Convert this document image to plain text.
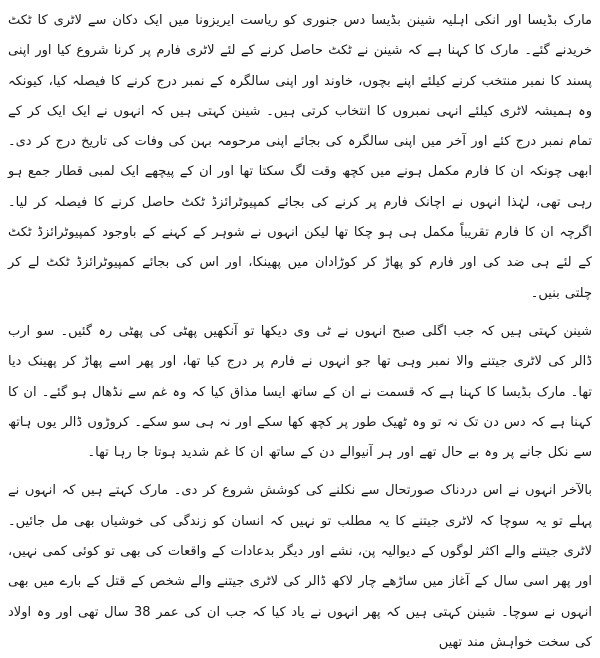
مارک بڈیسا اور انکی اہلیہ شینن بڈیسا دس جنوری کو ریاست ایریزونا میں ایک دکان سے لاٹری کا ٹکٹ خریدنے گئے۔ مارک کا کہنا ہے کہ شینن نے ٹکٹ حاصل کرنے کے لئے لاٹری فارم پر کرنا شروع کیا اور اپنی پسند کا نمبر منتخب کرنے کیلئے اپنے بچوں، خاوند اور اپنی سالگرہ کے نمبر درج کرنے کا فیصلہ کیا، کیونکہ وہ ہمیشہ لاٹری کیلئے انہی نمبروں کا انتخاب کرتی ہیں۔ شینن کہتی ہیں کہ انہوں نے ایک ایک کر کے تمام نمبر درج کئے اور آخر میں اپنی سالگرہ کی بجائے اپنی مرحومہ بہن کی وفات کی تاریخ درج کر دی۔ ابھی چونکہ ان کا فارم مکمل ہونے میں کچھ وقت لگ سکتا تھا اور ان کے پیچھے ایک لمبی قطار جمع ہو رہی تھی، لہٰذا انہوں نے اچانک فارم پر کرنے کی بجائے کمپیوٹرائزڈ ٹکٹ حاصل کرنے کا فیصلہ کر لیا۔ اگرچہ ان کا فارم تقریباً مکمل ہی ہو چکا تھا لیکن انہوں نے شوہر کے کہنے کے باوجود کمپیوٹرائزڈ ٹکٹ کے لئے ہی ضد کی اور فارم کو پھاڑ کر کوڑادان میں پھینکا، اور اس کی بجائے کمپیوٹرائزڈ ٹکٹ لے کر چلتی بنیں۔

شینن کہتی ہیں کہ جب اگلی صبح انہوں نے ٹی وی دیکھا تو آنکھیں پھٹی کی پھٹی رہ گئیں۔ سو ارب ڈالر کی لاٹری جیتنے والا نمبر وہی تھا جو انہوں نے فارم پر درج کیا تھا، اور پھر اسے پھاڑ کر پھینک دیا تھا۔ مارک بڈیسا کا کہنا ہے کہ قسمت نے ان کے ساتھ ایسا مذاق کیا کہ وہ غم سے نڈھال ہو گئے۔ ان کا کہنا ہے کہ دس دن تک نہ تو وہ ٹھیک طور پر کچھ کھا سکے اور نہ ہی سو سکے۔ کروڑوں ڈالر یوں ہاتھ سے نکل جانے پر وہ بے حال تھے اور ہر آنیوالے دن کے ساتھ ان کا غم شدید ہوتا جا رہا تھا۔

بالآخر انہوں نے اس دردناک صورتحال سے نکلنے کی کوشش شروع کر دی۔ مارک کہتے ہیں کہ انہوں نے پہلے تو یہ سوچا کہ لاٹری جیتنے کا یہ مطلب تو نہیں کہ انسان کو زندگی کی خوشیاں بھی مل جائیں۔ لاٹری جیتنے والے اکثر لوگوں کے دیوالیہ پن، نشے اور دیگر بدعادات کے واقعات کی بھی تو کوئی کمی نہیں، اور پھر اسی سال کے آغاز میں ساڑھے چار لاکھ ڈالر کی لاٹری جیتنے والے شخص کے قتل کے بارے میں بھی انہوں نے سوچا۔ شینن کہتی ہیں کہ پھر انہوں نے یاد کیا کہ جب ان کی عمر 38 سال تھی اور وہ اولاد کی سخت خواہش مند تھیں
